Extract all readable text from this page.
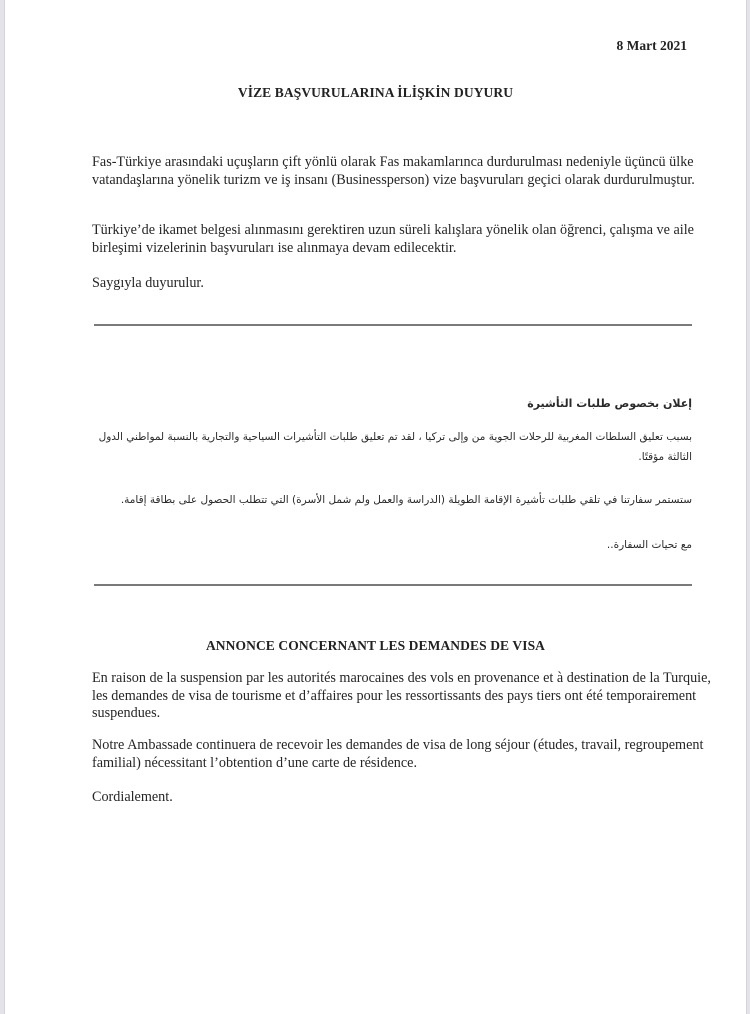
8 Mart 2021
VİZE BAŞVURULARINA İLİŞKİN DUYURU

Fas-Türkiye arasındaki uçuşların çift yönlü olarak Fas makamlarınca durdurulması nedeniyle üçüncü ülke vatandaşlarına yönelik turizm ve iş insanı (Businessperson) vize başvuruları geçici olarak durdurulmuştur.

Türkiye’de ikamet belgesi alınmasını gerektiren uzun süreli kalışlara yönelik olan öğrenci, çalışma ve aile birleşimi vizelerinin başvuruları ise alınmaya devam edilecektir.

Saygıyla duyurulur.

إعلان بخصوص طلبات التأشيرة

بسبب تعليق السلطات المغربية للرحلات الجوية من وإلى تركيا ، لقد تم تعليق طلبات التأشيرات السياحية والتجارية بالنسبة لمواطني الدول الثالثة مؤقتًا.

ستستمر سفارتنا في تلقي طلبات تأشيرة الإقامة الطويلة (الدراسة والعمل ولم شمل الأسرة) التي تتطلب الحصول على بطاقة إقامة.

مع تحيات السفارة..

ANNONCE CONCERNANT LES DEMANDES DE VISA

En raison de la suspension par les autorités marocaines des vols en provenance et à destination de la Turquie, les demandes de visa de tourisme et d’affaires pour les ressortissants des pays tiers ont été temporairement suspendues.

Notre Ambassade continuera de recevoir les demandes de visa de long séjour (études, travail, regroupement familial) nécessitant l’obtention d’une carte de résidence.

Cordialement.
